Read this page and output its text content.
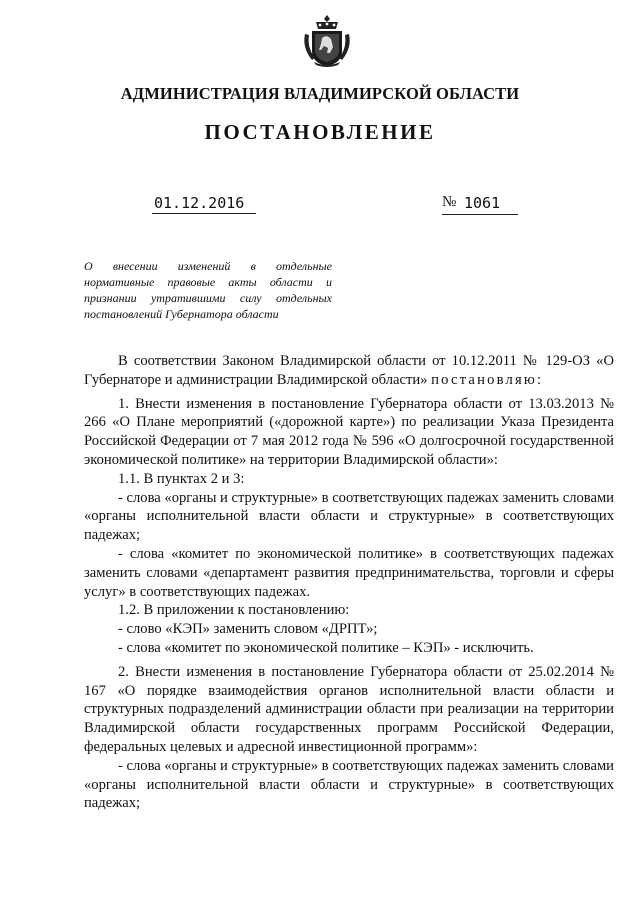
АДМИНИСТРАЦИЯ ВЛАДИМИРСКОЙ ОБЛАСТИ
ПОСТАНОВЛЕНИЕ
01.12.2016	№ 1061
О внесении изменений в отдельные нормативные правовые акты области и признании утратившими силу отдельных постановлений Губернатора области

В соответствии Законом Владимирской области от 10.12.2011 № 129-ОЗ «О Губернаторе и администрации Владимирской области» постановляю:

1. Внести изменения в постановление Губернатора области от 13.03.2013 № 266 «О Плане мероприятий («дорожной карте») по реализации Указа Президента Российской Федерации от 7 мая 2012 года № 596 «О долгосрочной государственной экономической политике» на территории Владимирской области»:

1.1. В пунктах 2 и 3:

- слова «органы и структурные» в соответствующих падежах заменить словами «органы исполнительной власти области и структурные» в соответствующих падежах;

- слова «комитет по экономической политике» в соответствующих падежах заменить словами «департамент развития предпринимательства, торговли и сферы услуг» в соответствующих падежах.

1.2. В приложении к постановлению:

- слово «КЭП» заменить словом «ДРПТ»;

- слова «комитет по экономической политике – КЭП» - исключить.

2. Внести изменения в постановление Губернатора области от 25.02.2014 № 167 «О порядке взаимодействия органов исполнительной власти области и структурных подразделений администрации области при реализации на территории Владимирской области государственных программ Российской Федерации, федеральных целевых и адресной инвестиционной программ»:

- слова «органы и структурные» в соответствующих падежах заменить словами «органы исполнительной власти области и структурные» в соответствующих падежах;
